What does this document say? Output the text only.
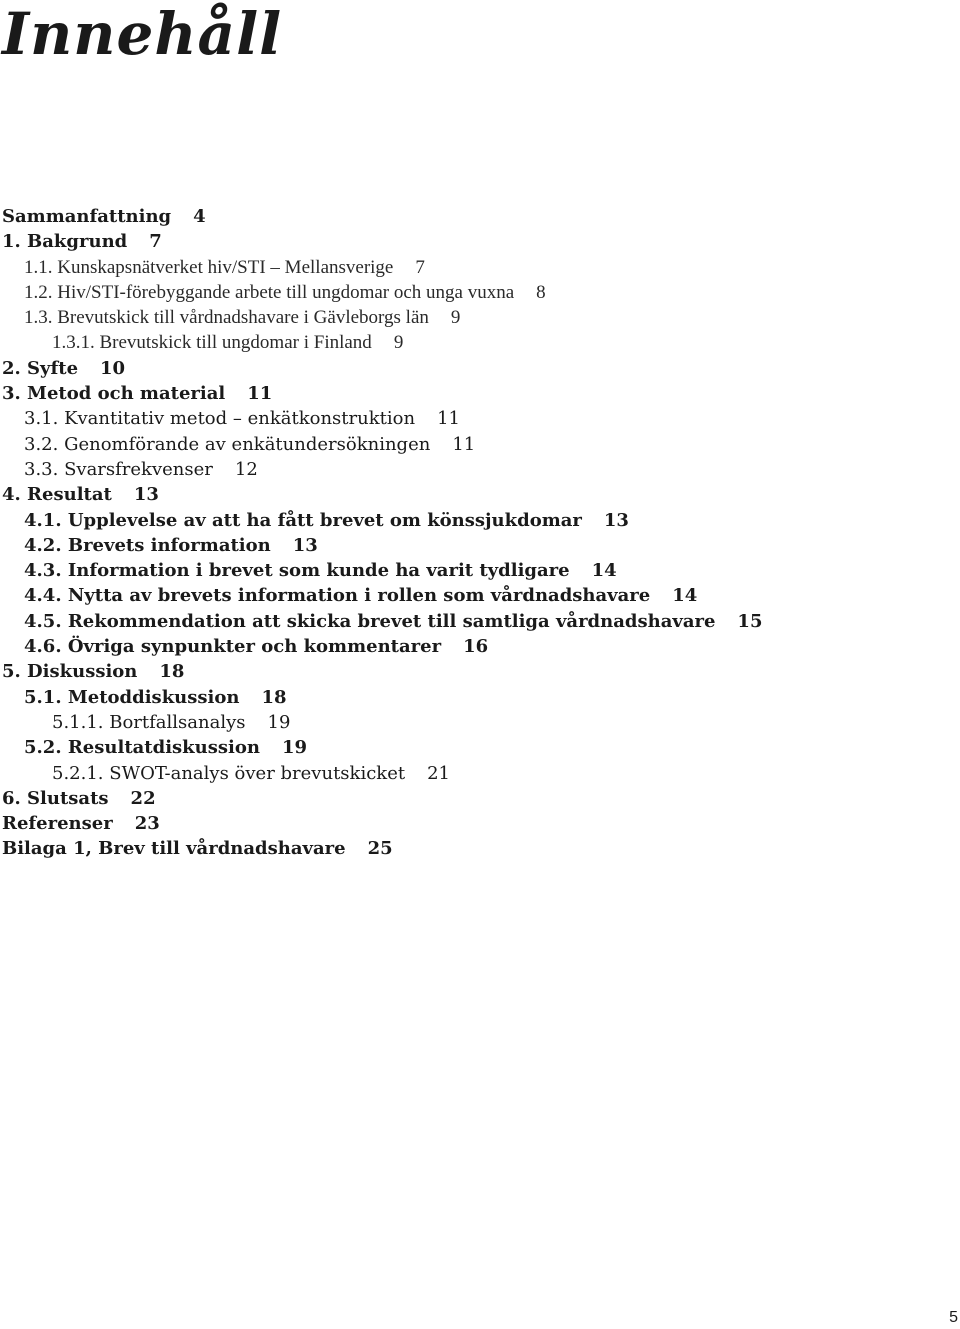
Innehåll
Sammanfattning 4
1. Bakgrund 7
1.1. Kunskapsnätverket hiv/STI – Mellansverige 7
1.2. Hiv/STI-förebyggande arbete till ungdomar och unga vuxna 8
1.3. Brevutskick till vårdnadshavare i Gävleborgs län 9
1.3.1. Brevutskick till ungdomar i Finland 9
2. Syfte 10
3. Metod och material 11
3.1. Kvantitativ metod – enkätkonstruktion 11
3.2. Genomförande av enkätundersökningen 11
3.3. Svarsfrekvenser 12
4. Resultat 13
4.1. Upplevelse av att ha fått brevet om könssjukdomar 13
4.2. Brevets information 13
4.3. Information i brevet som kunde ha varit tydligare 14
4.4. Nytta av brevets information i rollen som vårdnadshavare 14
4.5. Rekommendation att skicka brevet till samtliga vårdnadshavare 15
4.6. Övriga synpunkter och kommentarer 16
5. Diskussion 18
5.1. Metoddiskussion 18
5.1.1. Bortfallsanalys 19
5.2. Resultatdiskussion 19
5.2.1. SWOT-analys över brevutskicket 21
6. Slutsats 22
Referenser 23
Bilaga 1, Brev till vårdnadshavare 25
5
